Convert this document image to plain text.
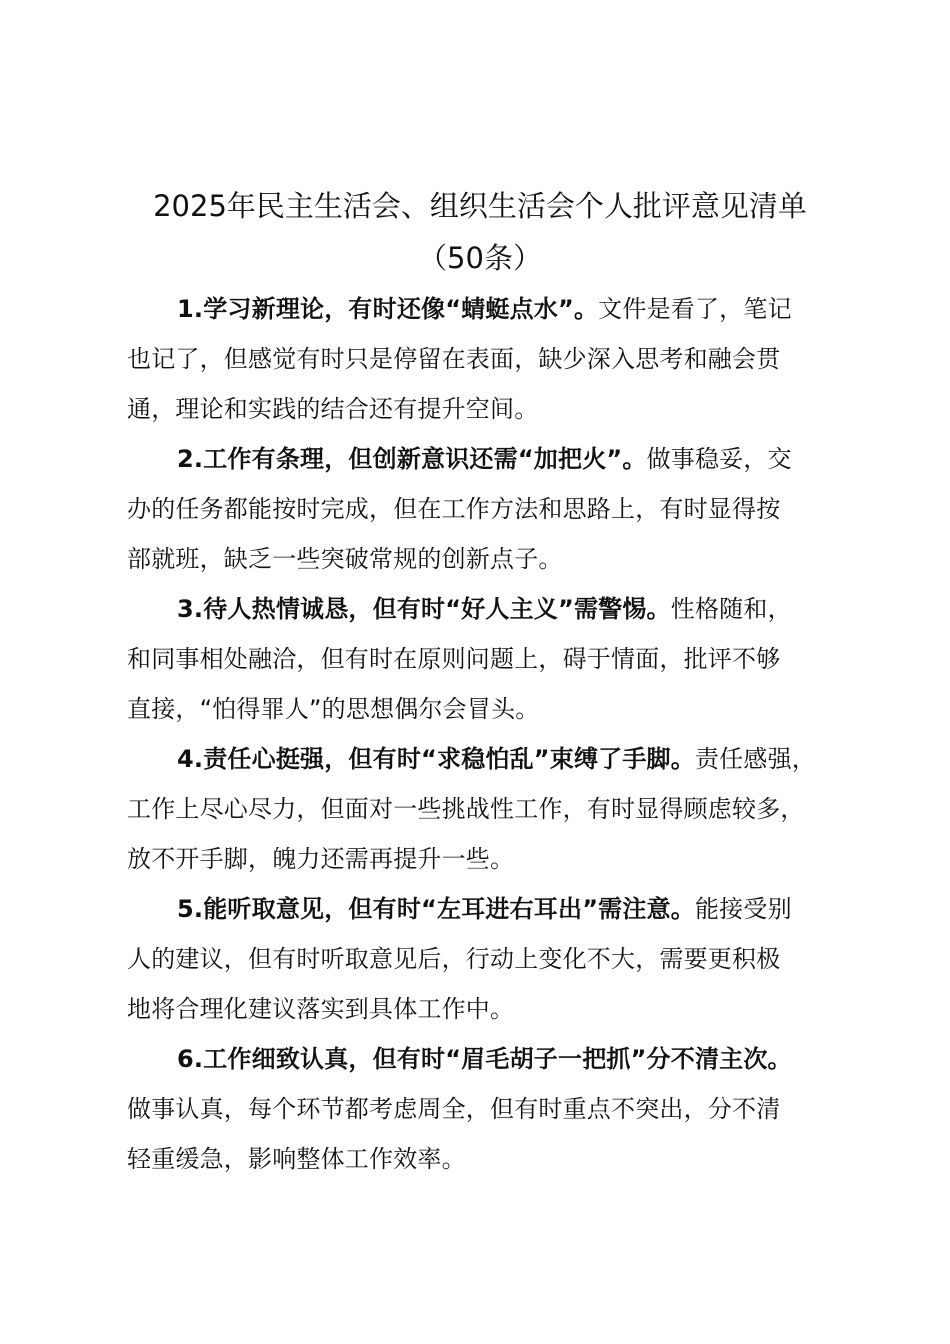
2025年民主生活会、组织生活会个人批评意见清单
（50条）
1.学习新理论，有时还像“蜻蜓点水”。文件是看了，笔记
也记了，但感觉有时只是停留在表面，缺少深入思考和融会贯
通，理论和实践的结合还有提升空间。
2.工作有条理，但创新意识还需“加把火”。做事稳妥，交
办的任务都能按时完成，但在工作方法和思路上，有时显得按
部就班，缺乏一些突破常规的创新点子。
3.待人热情诚恳，但有时“好人主义”需警惕。性格随和，
和同事相处融洽，但有时在原则问题上，碍于情面，批评不够
直接，“怕得罪人”的思想偶尔会冒头。
4.责任心挺强，但有时“求稳怕乱”束缚了手脚。责任感强，
工作上尽心尽力，但面对一些挑战性工作，有时显得顾虑较多，
放不开手脚，魄力还需再提升一些。
5.能听取意见，但有时“左耳进右耳出”需注意。能接受别
人的建议，但有时听取意见后，行动上变化不大，需要更积极
地将合理化建议落实到具体工作中。
6.工作细致认真，但有时“眉毛胡子一把抓”分不清主次。
做事认真，每个环节都考虑周全，但有时重点不突出，分不清
轻重缓急，影响整体工作效率。
